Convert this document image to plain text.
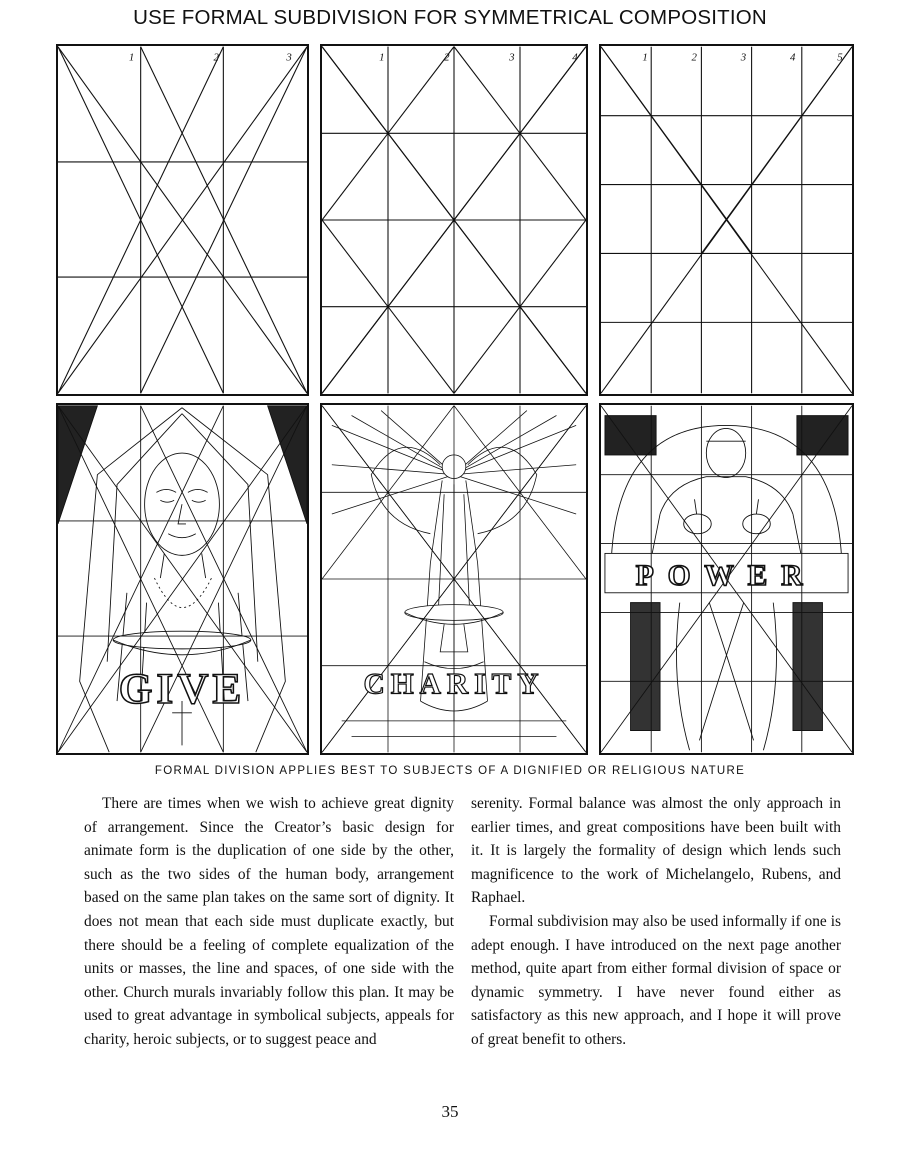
USE FORMAL SUBDIVISION FOR SYMMETRICAL COMPOSITION
1	2	3	1	2	3	4	1	2	3	4	5
GIVE	CHARITY
POWER
FORMAL DIVISION APPLIES BEST TO SUBJECTS OF A DIGNIFIED OR RELIGIOUS NATURE

There are times when we wish to achieve great dignity of arrangement. Since the Creator’s basic design for animate form is the duplication of one side by the other, such as the two sides of the human body, arrangement based on the same plan takes on the same sort of dignity. It does not mean that each side must duplicate exactly, but there should be a feeling of complete equalization of the units or masses, the line and spaces, of one side with the other. Church murals invariably follow this plan. It may be used to great advantage in symbolical subjects, appeals for charity, heroic subjects, or to suggest peace and

serenity. Formal balance was almost the only approach in earlier times, and great compositions have been built with it. It is largely the formality of design which lends such magnificence to the work of Michelangelo, Rubens, and Raphael.

Formal subdivision may also be used informally if one is adept enough. I have introduced on the next page another method, quite apart from either formal division of space or dynamic symmetry. I have never found either as satisfactory as this new approach, and I hope it will prove of great benefit to others.

35
